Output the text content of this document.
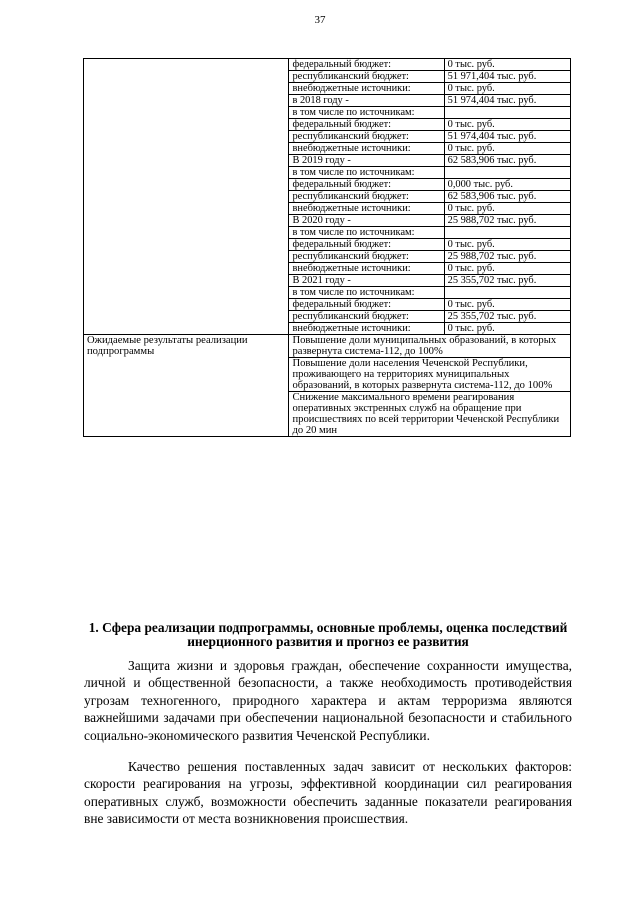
37
	федеральный бюджет:	0 тыс. руб.
	республиканский бюджет:	51 971,404 тыс. руб.
	внебюджетные источники:	0 тыс. руб.
	в 2018 году -	51 974,404 тыс. руб.
	в том числе по источникам:	
	федеральный бюджет:	0 тыс. руб.
	республиканский бюджет:	51 974,404 тыс. руб.
	внебюджетные источники:	0 тыс. руб.
	В 2019 году -	62 583,906 тыс. руб.
	в том числе по источникам:	
	федеральный бюджет:	0,000 тыс. руб.
	республиканский бюджет:	62 583,906 тыс. руб.
	внебюджетные источники:	0 тыс. руб.
	В 2020 году -	25 988,702 тыс. руб.
	в том числе по источникам:	
	федеральный бюджет:	0 тыс. руб.
	республиканский бюджет:	25 988,702 тыс. руб.
	внебюджетные источники:	0 тыс. руб.
	В 2021 году -	25 355,702 тыс. руб.
	в том числе по источникам:	
	федеральный бюджет:	0 тыс. руб.
	республиканский бюджет:	25 355,702 тыс. руб.
	внебюджетные источники:	0 тыс. руб.
Ожидаемые результаты реализации подпрограммы	Повышение доли муниципальных образований, в которых развернута система-112, до 100%	
	Повышение доли населения Чеченской Республики, проживающего на территориях муниципальных образований, в которых развернута система-112, до 100%	
	Снижение максимального времени реагирования оперативных экстренных служб на обращение при происшествиях по всей территории Чеченской Республики до 20 мин	
1. Сфера реализации подпрограммы, основные проблемы, оценка последствий инерционного развития и прогноз ее развития

Защита жизни и здоровья граждан, обеспечение сохранности имущества, личной и общественной безопасности, а также необходимость противодействия угрозам техногенного, природного характера и актам терроризма являются важнейшими задачами при обеспечении национальной безопасности и стабильного социально-экономического развития Чеченской Республики.

Качество решения поставленных задач зависит от нескольких факторов: скорости реагирования на угрозы, эффективной координации сил реагирования оперативных служб, возможности обеспечить заданные показатели реагирования вне зависимости от места возникновения происшествия.
